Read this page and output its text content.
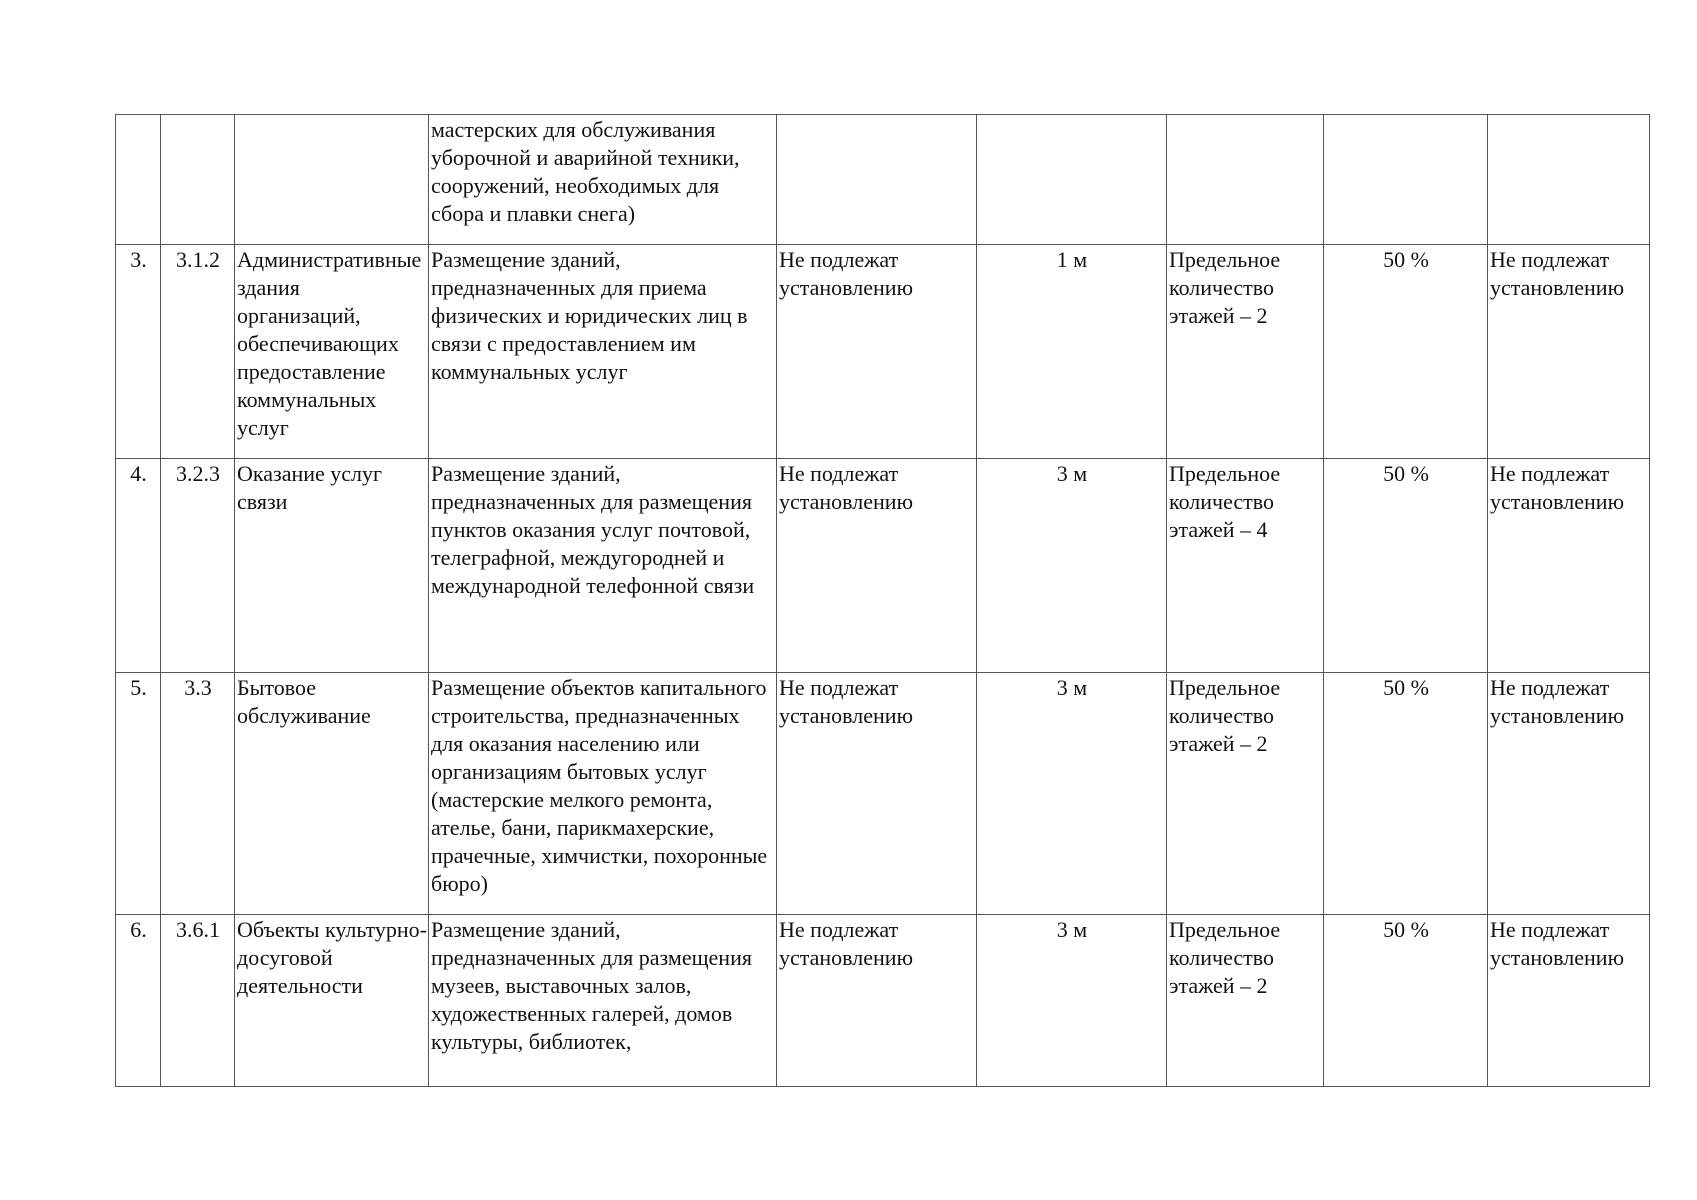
			мастерских для обслуживания уборочной и аварийной техники, сооружений, необходимых для сбора и плавки снега)					
3.	3.1.2	Административные здания организаций, обеспечивающих предоставление коммунальных услуг	Размещение зданий, предназначенных для приема физических и юридических лиц в связи с предоставлением им коммунальных услуг	Не подлежат установлению	1 м	Предельное количество этажей – 2	50 %	Не подлежат установлению
4.	3.2.3	Оказание услуг связи	Размещение зданий, предназначенных для размещения пунктов оказания услуг почтовой, телеграфной, междугородней и международной телефонной связи	Не подлежат установлению	3 м	Предельное количество этажей – 4	50 %	Не подлежат установлению
5.	3.3	Бытовое обслуживание	Размещение объектов капитального строительства, предназначенных для оказания населению или организациям бытовых услуг (мастерские мелкого ремонта, ателье, бани, парикмахерские, прачечные, химчистки, похоронные бюро)	Не подлежат установлению	3 м	Предельное количество этажей – 2	50 %	Не подлежат установлению
6.	3.6.1	Объекты культурно-досуговой деятельности	Размещение зданий, предназначенных для размещения музеев, выставочных залов, художественных галерей, домов культуры, библиотек,	Не подлежат установлению	3 м	Предельное количество этажей – 2	50 %	Не подлежат установлению
